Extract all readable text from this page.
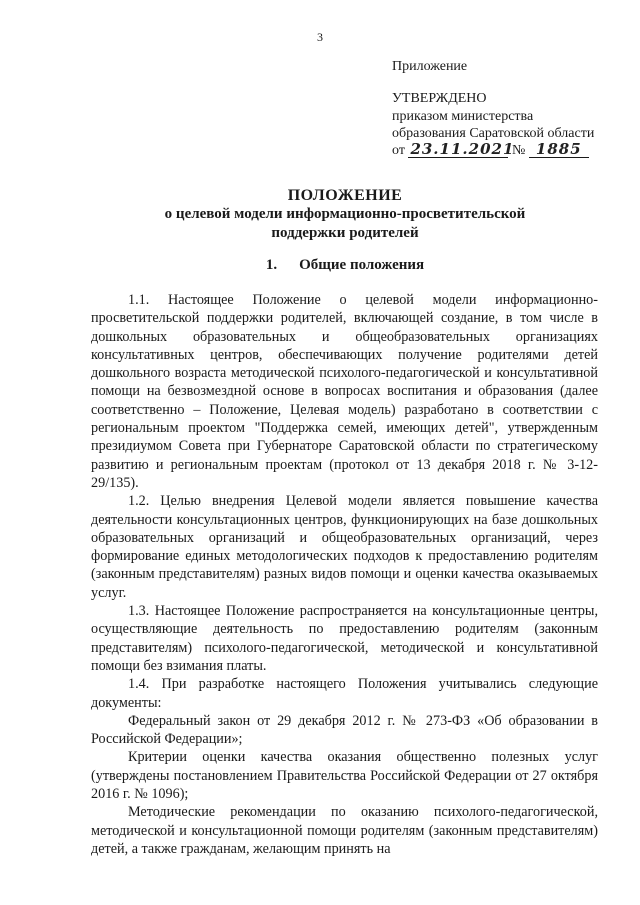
3
Приложение
УТВЕРЖДЕНО
приказом министерства
образования Саратовской области
от 23.11.2021 № 1885
ПОЛОЖЕНИЕ
о целевой модели информационно-просветительской
поддержки родителей
1. Общие положения

1.1. Настоящее Положение о целевой модели информационно-просветительской поддержки родителей, включающей создание, в том числе в дошкольных образовательных и общеобразовательных организациях консультативных центров, обеспечивающих получение родителями детей дошкольного возраста методической психолого-педагогической и консультативной помощи на безвозмездной основе в вопросах воспитания и образования (далее соответственно – Положение, Целевая модель) разработано в соответствии с региональным проектом "Поддержка семей, имеющих детей", утвержденным президиумом Совета при Губернаторе Саратовской области по стратегическому развитию и региональным проектам (протокол от 13 декабря 2018 г. № 3-12-29/135).

1.2. Целью внедрения Целевой модели является повышение качества деятельности консультационных центров, функционирующих на базе дошкольных образовательных организаций и общеобразовательных организаций, через формирование единых методологических подходов к предоставлению родителям (законным представителям) разных видов помощи и оценки качества оказываемых услуг.

1.3. Настоящее Положение распространяется на консультационные центры, осуществляющие деятельность по предоставлению родителям (законным представителям) психолого-педагогической, методической и консультативной помощи без взимания платы.

1.4. При разработке настоящего Положения учитывались следующие документы:

Федеральный закон от 29 декабря 2012 г. № 273-ФЗ «Об образовании в Российской Федерации»;

Критерии оценки качества оказания общественно полезных услуг (утверждены постановлением Правительства Российской Федерации от 27 октября 2016 г. № 1096);

Методические рекомендации по оказанию психолого-педагогической, методической и консультационной помощи родителям (законным представителям) детей, а также гражданам, желающим принять на
